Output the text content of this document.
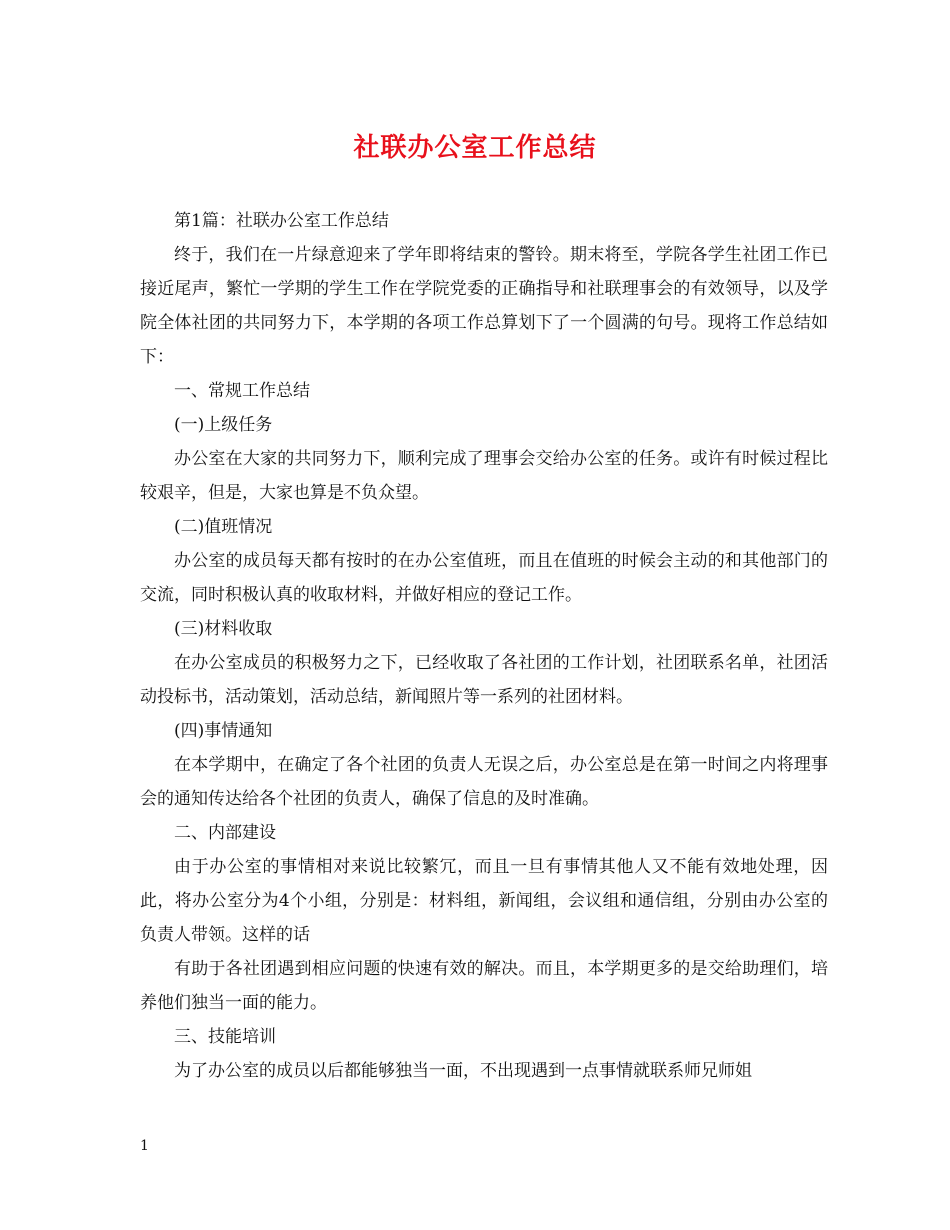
社联办公室工作总结

第1篇：社联办公室工作总结

终于，我们在一片绿意迎来了学年即将结束的警铃。期末将至，学院各学生社团工作已接近尾声，繁忙一学期的学生工作在学院党委的正确指导和社联理事会的有效领导，以及学院全体社团的共同努力下，本学期的各项工作总算划下了一个圆满的句号。现将工作总结如下：

一、常规工作总结

(一)上级任务

办公室在大家的共同努力下，顺利完成了理事会交给办公室的任务。或许有时候过程比较艰辛，但是，大家也算是不负众望。

(二)值班情况

办公室的成员每天都有按时的在办公室值班，而且在值班的时候会主动的和其他部门的交流，同时积极认真的收取材料，并做好相应的登记工作。

(三)材料收取

在办公室成员的积极努力之下，已经收取了各社团的工作计划，社团联系名单，社团活动投标书，活动策划，活动总结，新闻照片等一系列的社团材料。

(四)事情通知

在本学期中，在确定了各个社团的负责人无误之后，办公室总是在第一时间之内将理事会的通知传达给各个社团的负责人，确保了信息的及时准确。

二、内部建设

由于办公室的事情相对来说比较繁冗，而且一旦有事情其他人又不能有效地处理，因此，将办公室分为4个小组，分别是：材料组，新闻组，会议组和通信组，分别由办公室的负责人带领。这样的话

有助于各社团遇到相应问题的快速有效的解决。而且，本学期更多的是交给助理们，培养他们独当一面的能力。

三、技能培训

为了办公室的成员以后都能够独当一面，不出现遇到一点事情就联系师兄师姐

1
